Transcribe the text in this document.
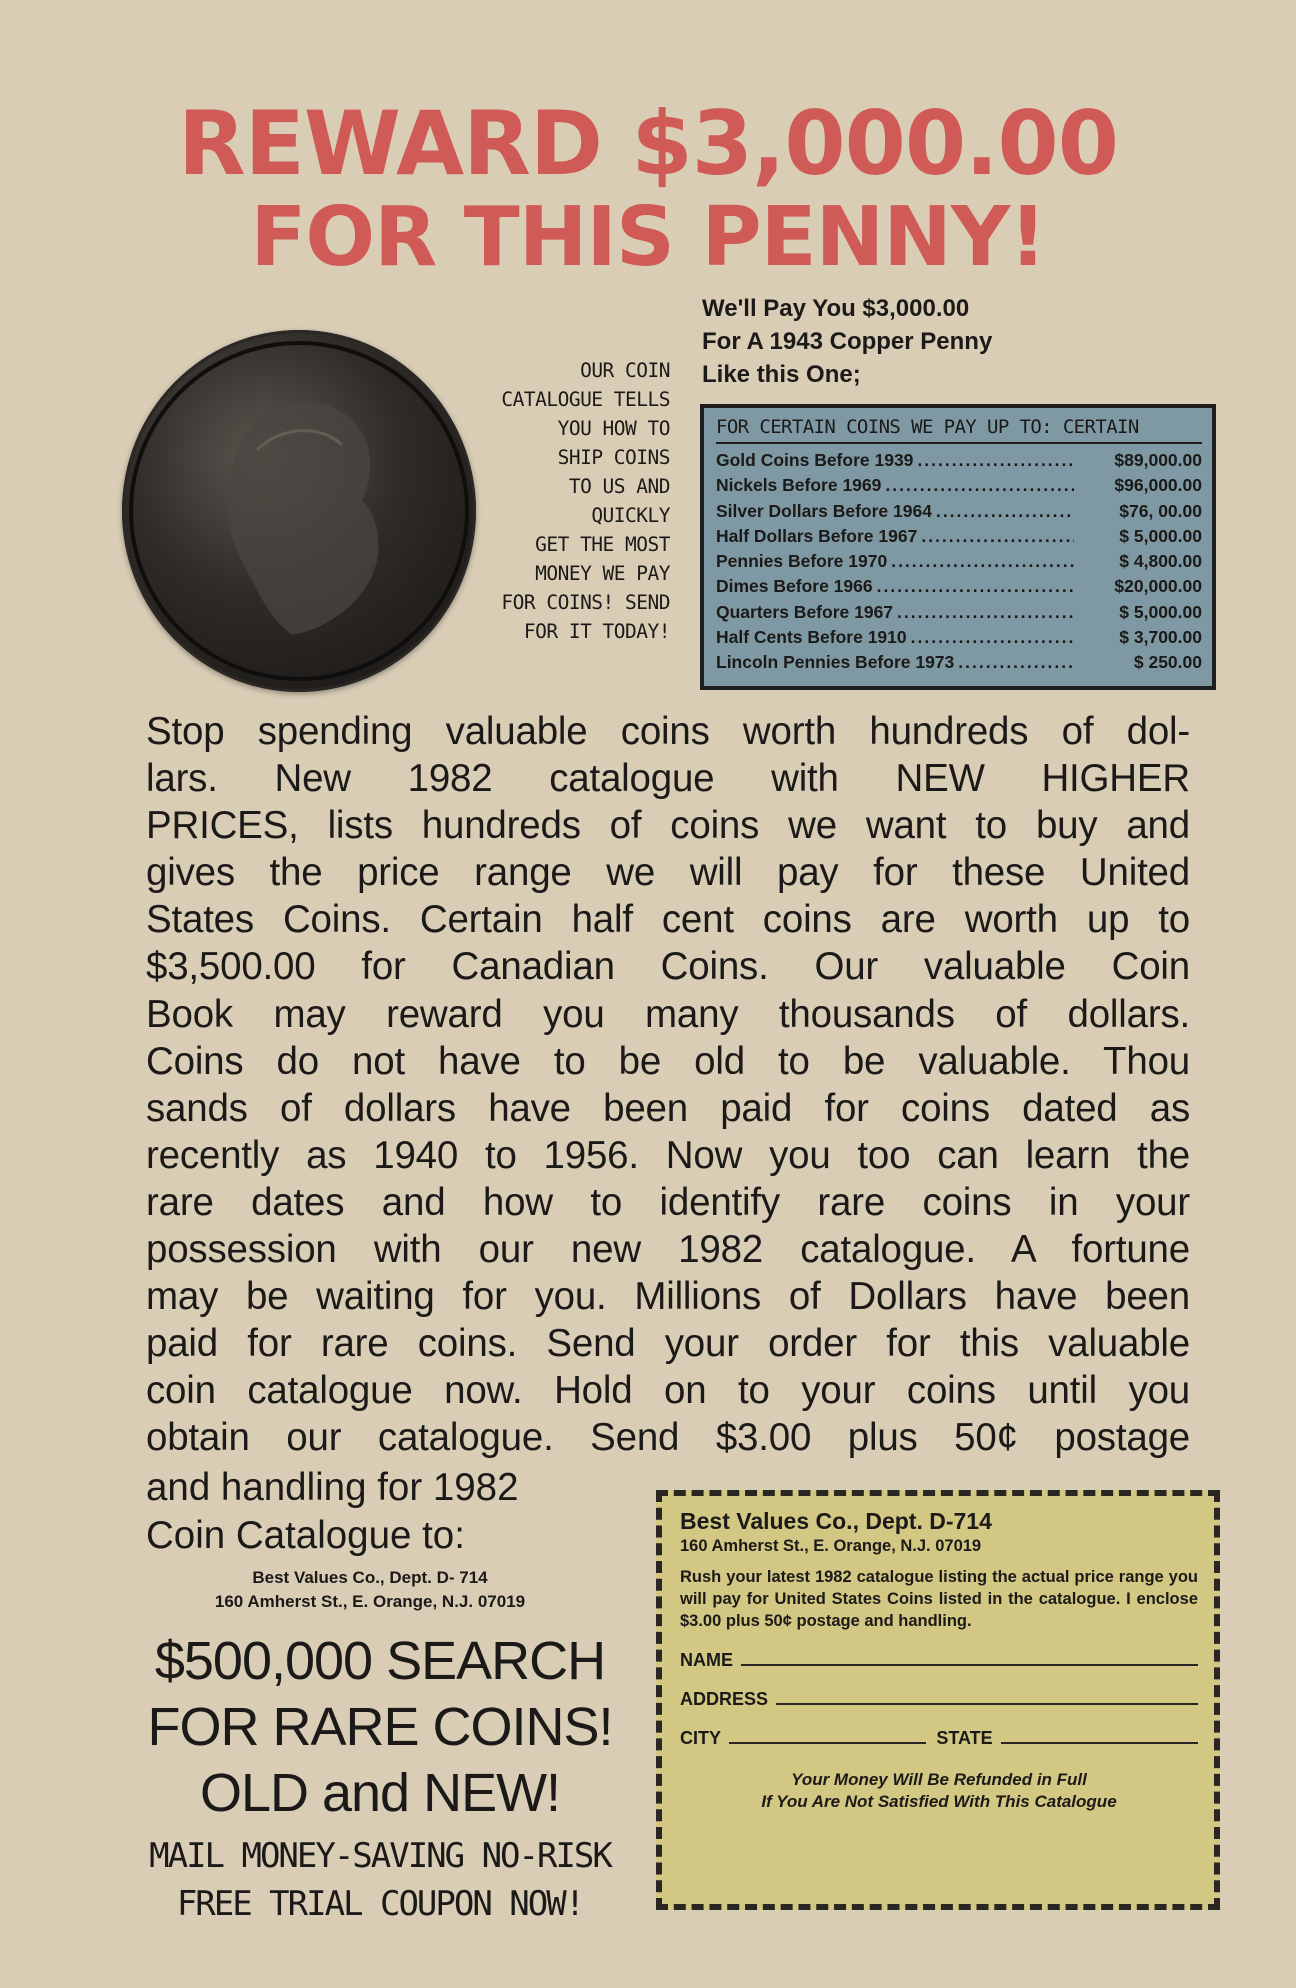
REWARD $3,000.00
FOR THIS PENNY!
OUR COIN
CATALOGUE TELLS
YOU HOW TO
SHIP COINS
TO US AND
QUICKLY
GET THE MOST
MONEY WE PAY
FOR COINS! SEND
FOR IT TODAY!
We'll Pay You $3,000.00
For A 1943 Copper Penny
Like this One;
FOR CERTAIN COINS WE PAY UP TO: CERTAIN
Gold Coins Before 1939 .....	$89,000.00
Nickels Before 1969 .....	$96,000.00
Silver Dollars Before 1964 .....	$76, 00.00
Half Dollars Before 1967 .....	$ 5,000.00
Pennies Before 1970 .....	$ 4,800.00
Dimes Before 1966 .....	$20,000.00
Quarters Before 1967 .....	$ 5,000.00
Half Cents Before 1910 .....	$ 3,700.00
Lincoln Pennies Before 1973 .....	$ 250.00
Stop spending valuable coins worth hundreds of dol-
lars. New 1982 catalogue with NEW HIGHER
PRICES, lists hundreds of coins we want to buy and
gives the price range we will pay for these United
States Coins. Certain half cent coins are worth up to
$3,500.00 for Canadian Coins. Our valuable Coin
Book may reward you many thousands of dollars.
Coins do not have to be old to be valuable. Thou
sands of dollars have been paid for coins dated as
recently as 1940 to 1956. Now you too can learn the
rare dates and how to identify rare coins in your
possession with our new 1982 catalogue. A fortune
may be waiting for you. Millions of Dollars have been
paid for rare coins. Send your order for this valuable
coin catalogue now. Hold on to your coins until you
obtain our catalogue. Send $3.00 plus 50¢ postage
and handling for 1982
Coin Catalogue to:
Best Values Co., Dept. D- 714
160 Amherst St., E. Orange, N.J. 07019
$500,000 SEARCH
FOR RARE COINS!
OLD and NEW!
MAIL MONEY-SAVING NO-RISK
FREE TRIAL COUPON NOW!
Best Values Co., Dept. D-714
160 Amherst St., E. Orange, N.J. 07019
Rush your latest 1982 catalogue listing the actual price range you will pay for United States Coins listed in the catalogue. I enclose $3.00 plus 50¢ postage and handling.
NAME
ADDRESS
CITY	STATE
Your Money Will Be Refunded in Full
If You Are Not Satisfied With This Catalogue
